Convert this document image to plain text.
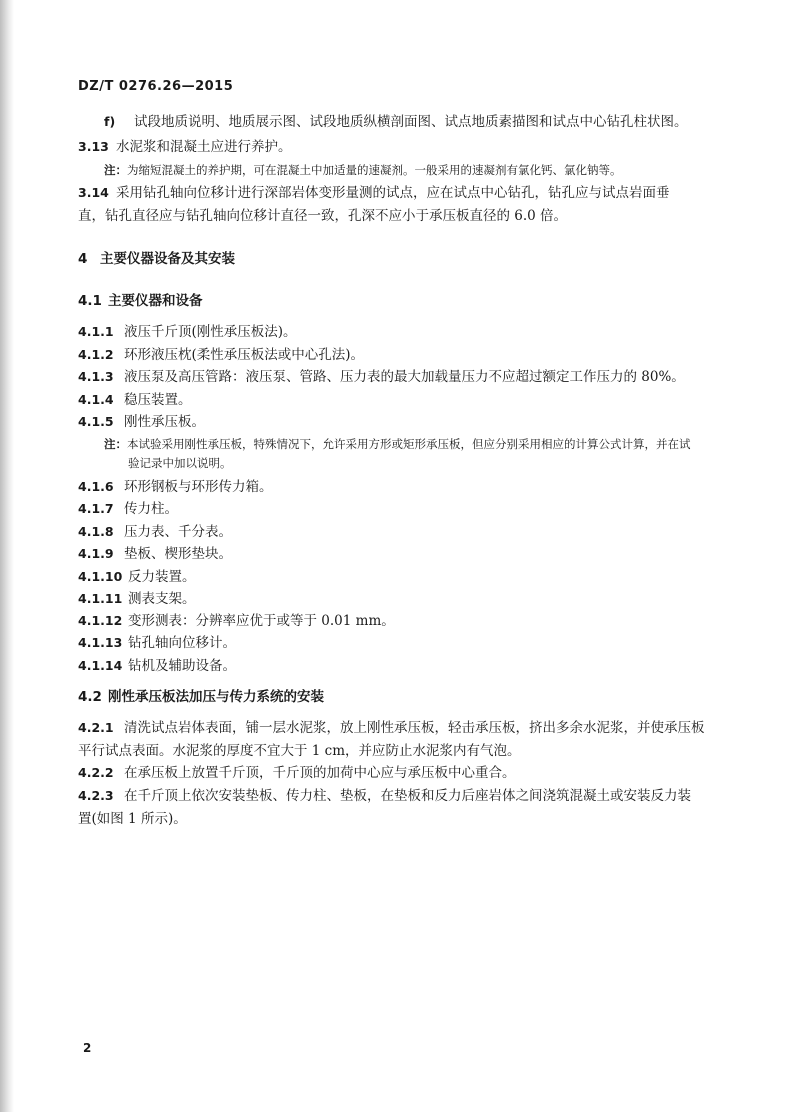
DZ/T 0276.26—2015
f) 试段地质说明、地质展示图、试段地质纵横剖面图、试点地质素描图和试点中心钻孔柱状图。
3.13 水泥浆和混凝土应进行养护。
注：为缩短混凝土的养护期，可在混凝土中加适量的速凝剂。一般采用的速凝剂有氯化钙、氯化钠等。
3.14 采用钻孔轴向位移计进行深部岩体变形量测的试点，应在试点中心钻孔，钻孔应与试点岩面垂
直，钻孔直径应与钻孔轴向位移计直径一致，孔深不应小于承压板直径的 6.0 倍。
4 主要仪器设备及其安装
4.1 主要仪器和设备
4.1.1 液压千斤顶(刚性承压板法)。
4.1.2 环形液压枕(柔性承压板法或中心孔法)。
4.1.3 液压泵及高压管路：液压泵、管路、压力表的最大加载量压力不应超过额定工作压力的 80%。
4.1.4 稳压装置。
4.1.5 刚性承压板。
注：本试验采用刚性承压板，特殊情况下，允许采用方形或矩形承压板，但应分别采用相应的计算公式计算，并在试
验记录中加以说明。
4.1.6 环形钢板与环形传力箱。
4.1.7 传力柱。
4.1.8 压力表、千分表。
4.1.9 垫板、楔形垫块。
4.1.10 反力装置。
4.1.11 测表支架。
4.1.12 变形测表：分辨率应优于或等于 0.01 mm。
4.1.13 钻孔轴向位移计。
4.1.14 钻机及辅助设备。
4.2 刚性承压板法加压与传力系统的安装
4.2.1 清洗试点岩体表面，铺一层水泥浆，放上刚性承压板，轻击承压板，挤出多余水泥浆，并使承压板
平行试点表面。水泥浆的厚度不宜大于 1 cm，并应防止水泥浆内有气泡。
4.2.2 在承压板上放置千斤顶，千斤顶的加荷中心应与承压板中心重合。
4.2.3 在千斤顶上依次安装垫板、传力柱、垫板，在垫板和反力后座岩体之间浇筑混凝土或安装反力装
置(如图 1 所示)。
2
